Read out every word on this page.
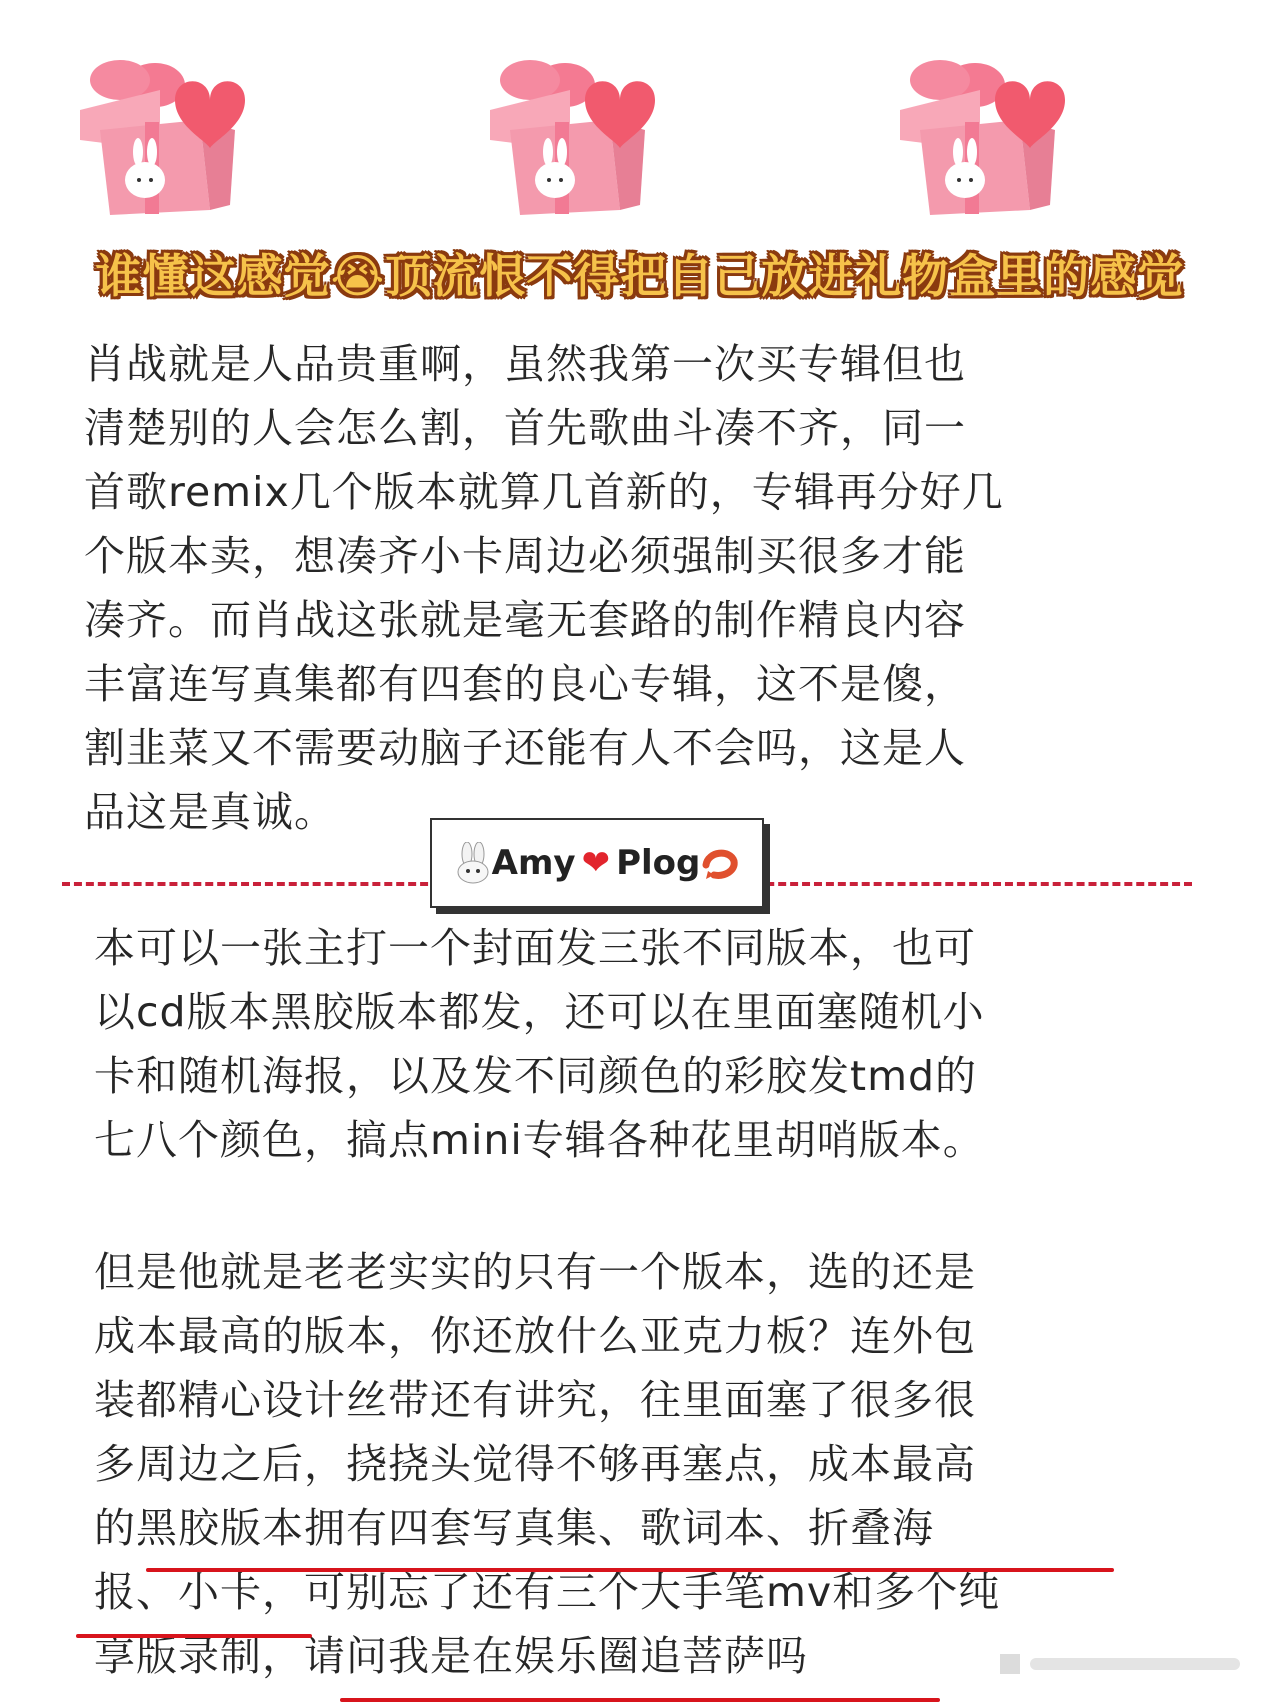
谁懂这感觉😭顶流恨不得把自己放进礼物盒里的感觉
肖战就是人品贵重啊，虽然我第一次买专辑但也
清楚别的人会怎么割，首先歌曲斗凑不齐，同一
首歌remix几个版本就算几首新的，专辑再分好几
个版本卖，想凑齐小卡周边必须强制买很多才能
凑齐。而肖战这张就是毫无套路的制作精良内容
丰富连写真集都有四套的良心专辑，这不是傻，
割韭菜又不需要动脑子还能有人不会吗，这是人
品这是真诚。
Amy ❤ Plog
本可以一张主打一个封面发三张不同版本，也可
以cd版本黑胶版本都发，还可以在里面塞随机小
卡和随机海报，以及发不同颜色的彩胶发tmd的
七八个颜色，搞点mini专辑各种花里胡哨版本。
但是他就是老老实实的只有一个版本，选的还是
成本最高的版本，你还放什么亚克力板？连外包
装都精心设计丝带还有讲究，往里面塞了很多很
多周边之后，挠挠头觉得不够再塞点，成本最高
的黑胶版本拥有四套写真集、歌词本、折叠海
报、小卡，可别忘了还有三个大手笔mv和多个纯
享版录制，请问我是在娱乐圈追菩萨吗
